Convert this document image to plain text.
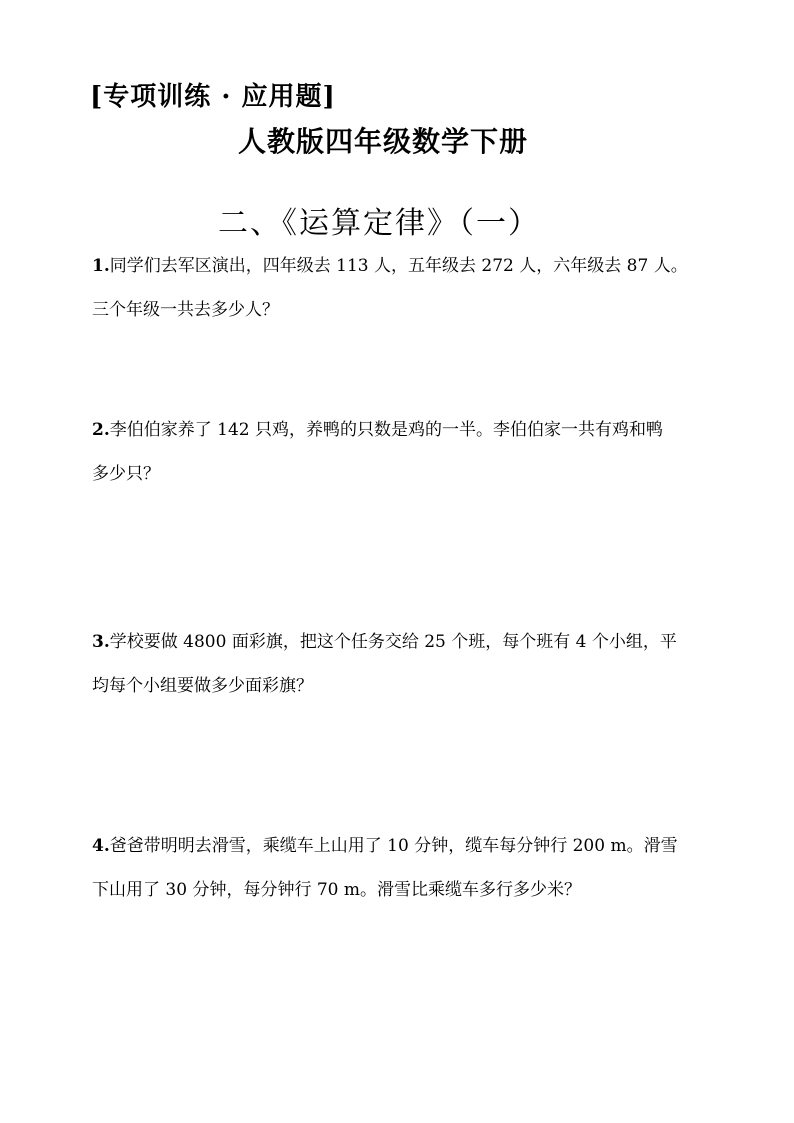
[专项训练 · 应用题]
人教版四年级数学下册
二、《运算定律》（一）
1.同学们去军区演出，四年级去 113 人，五年级去 272 人，六年级去 87 人。
三个年级一共去多少人？
2.李伯伯家养了 142 只鸡，养鸭的只数是鸡的一半。李伯伯家一共有鸡和鸭
多少只？
3.学校要做 4800 面彩旗，把这个任务交给 25 个班，每个班有 4 个小组，平
均每个小组要做多少面彩旗？
4.爸爸带明明去滑雪，乘缆车上山用了 10 分钟，缆车每分钟行 200 m。滑雪
下山用了 30 分钟，每分钟行 70 m。滑雪比乘缆车多行多少米？
